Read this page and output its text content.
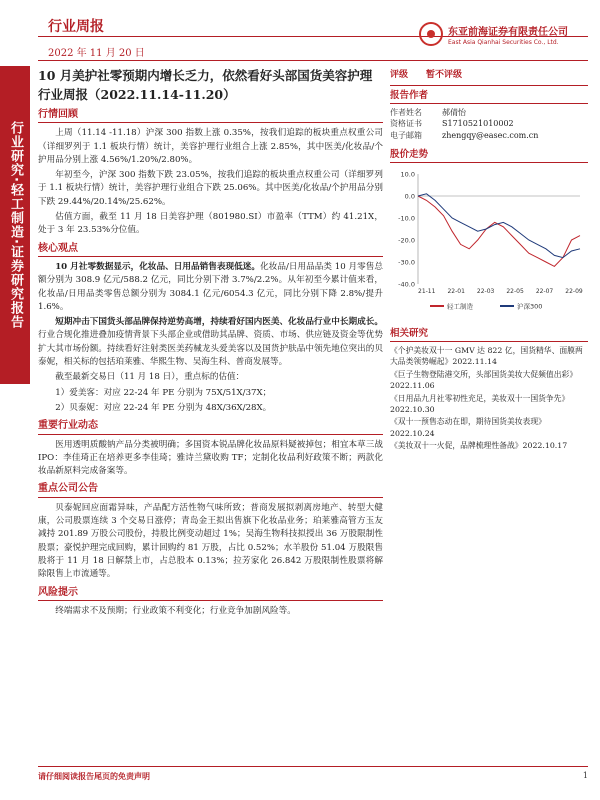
行业周报
2022 年 11 月 20 日
东亚前海证券有限责任公司
East Asia Qianhai Securities Co., Ltd.
行业研究·轻工制造·证券研究报告
10 月美护社零预期内增长乏力，依然看好头部国货美容护理行业周报（2022.11.14-11.20）
行情回顾
上周（11.14 -11.18）沪深 300 指数上涨 0.35%，按我们追踪的板块重点权重公司（详细罗列于 1.1 板块行情）统计，美容护理行业组合上涨 2.85%，其中医美/化妆品/个护用品分别上涨 4.56%/1.20%/2.80%。
年初至今，沪深 300 指数下跌 23.05%，按我们追踪的板块重点权重公司（详细罗列于 1.1 板块行情）统计，美容护理行业组合下跌 25.06%。其中医美/化妆品/个护用品分别下跌 29.44%/20.14%/25.62%。
估值方面，截至 11 月 18 日美容护理（801980.SI）市盈率（TTM）约 41.21X，处于 3 年 23.53%分位值。
核心观点
10 月社零数据显示，化妆品、日用品销售表现低迷。化妆品/日用品品类 10 月零售总额分别为 308.9 亿元/588.2 亿元，同比分别下滑 3.7%/2.2%。从年初至今累计值来看，化妆品/日用品类零售总额分别为 3084.1 亿元/6054.3 亿元，同比分别下降 2.8%/提升 1.6%。
短期冲击下国货头部品牌保持逆势高增，持续看好国内医美、化妆品行业中长期成长。行业合规化推进叠加疫情背景下头部企业或借助其品牌、资质、市场、供应链及资金等优势扩大其市场份额。持续看好注射类医美药械龙头爱美客以及国货护肤品中领先地位突出的贝泰妮，相关标的包括珀莱雅、华熙生物、吴海生科、普商发展等。
截至最新交易日（11 月 18 日），重点标的估值：
1）爱美客：对应 22-24 年 PE 分别为 75X/51X/37X；
2）贝泰妮：对应 22-24 年 PE 分别为 48X/36X/28X。
重要行业动态
医用透明质酸钠产品分类被明确；多国资本锐品牌化妆品原料疑被掉包；相宜本草三战 IPO：李佳琦正在培养更多李佳琦；雅诗兰黛收购 TF；定制化妆品利好政策不断；两款化妆品新原料完成备案等。
重点公司公告
贝泰妮回应面霜异味，产品配方活性物气味所致；普商发展拟剥离房地产、转型大健康，公司股票连续 3 个交易日涨停；青岛金王拟出售旗下化妆品业务；珀莱雅高管方玉友减持 201.89 万股公司股份，持股比例变动超过 1%；吴海生物科技拟授出 36 万股限制性股票；豪悦护理完成回购，累计回购约 81 万股，占比 0.52%；水羊股份 51.04 万股限售股将于 11 月 18 日解禁上市，占总股本 0.13%；拉芳家化 26.842 万股限制性股票将解除限售上市流通等。
风险提示
终端需求不及预期；行业政策不利变化；行业竞争加剧风险等。
评级 暂不评级
报告作者
作者姓名	郝倩怡
资格证书	S1710521010002
电子邮箱	zhengqy@easec.com.cn
股价走势
10.0
0.0
-10.0
-20.0
-30.0
-40.0
21-11 22-01 22-03 22-05 22-07 22-09
轻工制造	沪深300
相关研究
《个护美妆双十一 GMV 达 822 亿，国货精华、面膜两大品类领势崛起》2022.11.14
《巨子生物登陆港交所，头部国货美妆大促频值出彩》2022.11.06
《日用品九月社零初性充足，美妆双十一国货争先》2022.10.30
《双十一预售态动在即，期待国货美妆表现》2022.10.24
《美妆双十一火促，品牌梳理性备战》2022.10.17
请仔细阅读报告尾页的免责声明	1
